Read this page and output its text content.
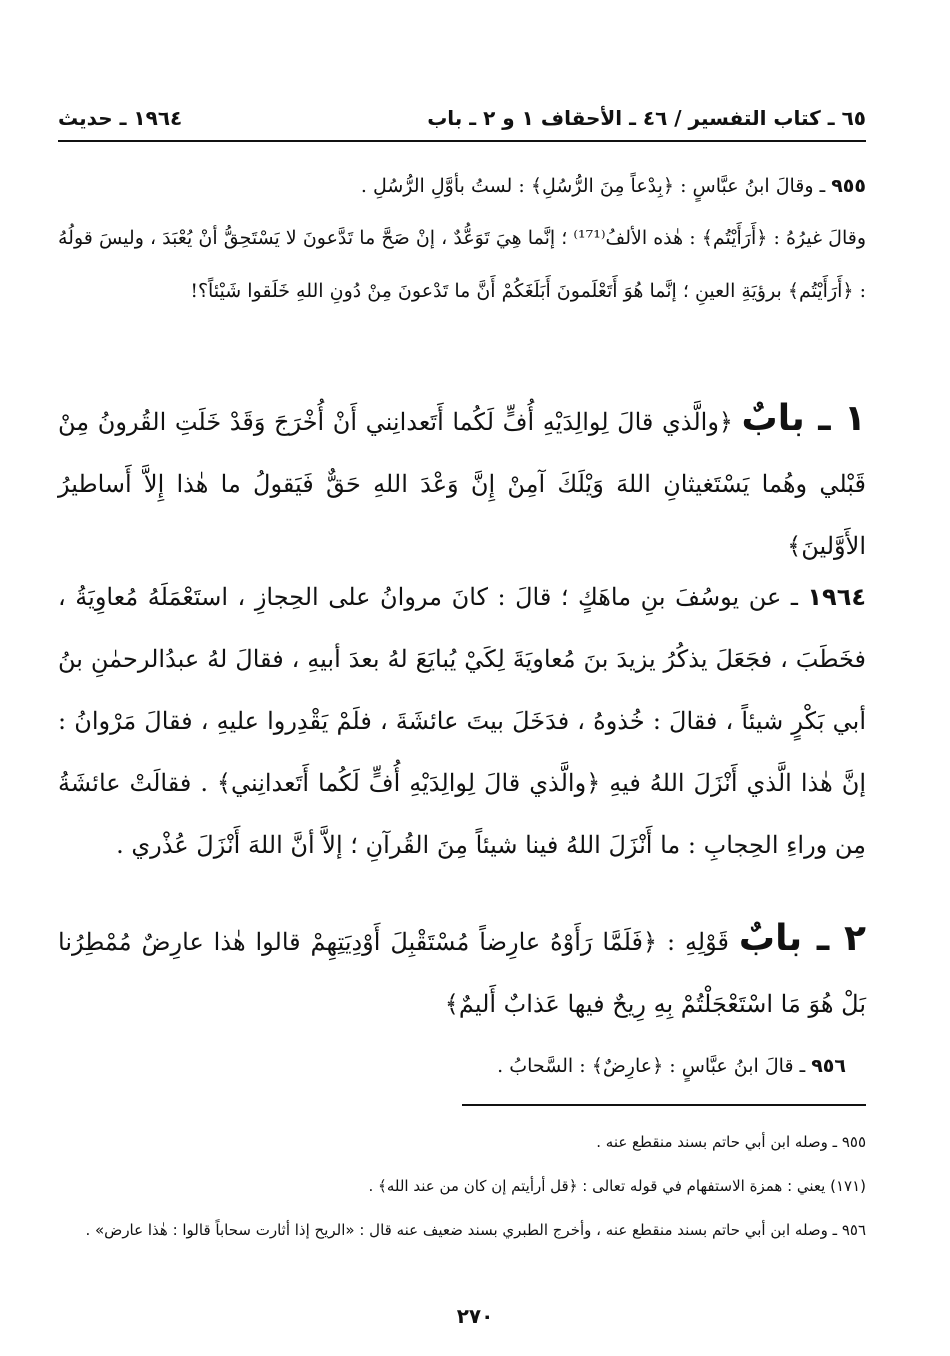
٦٥ ـ كتاب التفسير / ٤٦ ـ الأحقاف ١ و ٢ ـ باب
١٩٦٤ ـ حديث
٩٥٥ ـ وقالَ ابنُ عبَّاسٍ : ﴿بِدْعاً مِنَ الرُّسُلِ﴾ : لستُ بأوَّلِ الرُّسُلِ .
وقالَ غيرُهُ : ﴿أَرَأَيْتُم﴾ : هٰذه الألفُ⁽¹⁷¹⁾ ؛ إنَّما هِيَ تَوَعُّدٌ ، إنْ صَحَّ ما تَدَّعونَ لا يَسْتَحِقُّ أنْ يُعْبَدَ ، وليسَ قولُهُ : ﴿أَرَأَيْتُم﴾ برؤيَةِ العينِ ؛ إنَّما هُوَ أَتَعْلَمونَ أَبَلَغَكُمْ أَنَّ ما تَدْعونَ مِنْ دُونِ اللهِ خَلَقوا شَيْئاً؟!
١ ـ بابٌ ﴿والَّذي قالَ لِوالِدَيْهِ أُفٍّ لَكُما أَتَعدانِني أَنْ أُخْرَجَ وَقَدْ خَلَتِ القُرونُ مِنْ قَبْلي وهُما يَسْتَغيثانِ اللهَ وَيْلَكَ آمِنْ إِنَّ وَعْدَ اللهِ حَقٌّ فَيَقولُ ما هٰذا إِلاَّ أَساطيرُ الأَوَّلينَ﴾
١٩٦٤ ـ عن يوسُفَ بنِ ماهَكٍ ؛ قالَ : كانَ مروانُ على الحِجازِ ، استَعْمَلَهُ مُعاوِيَةُ ، فخَطَبَ ، فجَعَلَ يذكُرُ يزيدَ بنَ مُعاويَةَ لِكَيْ يُبايَعَ لهُ بعدَ أبيهِ ، فقالَ لهُ عبدُالرحمٰنِ بنُ أبي بَكْرٍ شيئاً ، فقالَ : خُذوهُ ، فدَخَلَ بيتَ عائشَةَ ، فلَمْ يَقْدِروا عليهِ ، فقالَ مَرْوانُ : إنَّ هٰذا الَّذي أَنْزَلَ اللهُ فيهِ ﴿والَّذي قالَ لِوالِدَيْهِ أُفٍّ لَكُما أَتَعدانِني﴾ . فقالَتْ عائشَةُ مِن وراءِ الحِجابِ : ما أَنْزَلَ اللهُ فينا شيئاً مِنَ القُرآنِ ؛ إلاَّ أنَّ اللهَ أَنْزَلَ عُذْري .
٢ ـ بابٌ قَوْلِهِ : ﴿فَلَمَّا رَأَوْهُ عارِضاً مُسْتَقْبِلَ أَوْدِيَتِهِمْ قالوا هٰذا عارِضٌ مُمْطِرُنا بَلْ هُوَ مَا اسْتَعْجَلْتُمْ بِهِ رِيحٌ فيها عَذابٌ أَليمٌ﴾
٩٥٦ ـ قالَ ابنُ عبَّاسٍ : ﴿عارِضٌ﴾ : السَّحابُ .
٩٥٥ ـ وصله ابن أبي حاتم بسند منقطع عنه .
(١٧١) يعني : همزة الاستفهام في قوله تعالى : ﴿قل أرأيتم إن كان من عند الله﴾ .
٩٥٦ ـ وصله ابن أبي حاتم بسند منقطع عنه ، وأخرج الطبري بسند ضعيف عنه قال : «الريح إذا أثارت سحاباً قالوا : هٰذا عارض» .
٢٧٠
